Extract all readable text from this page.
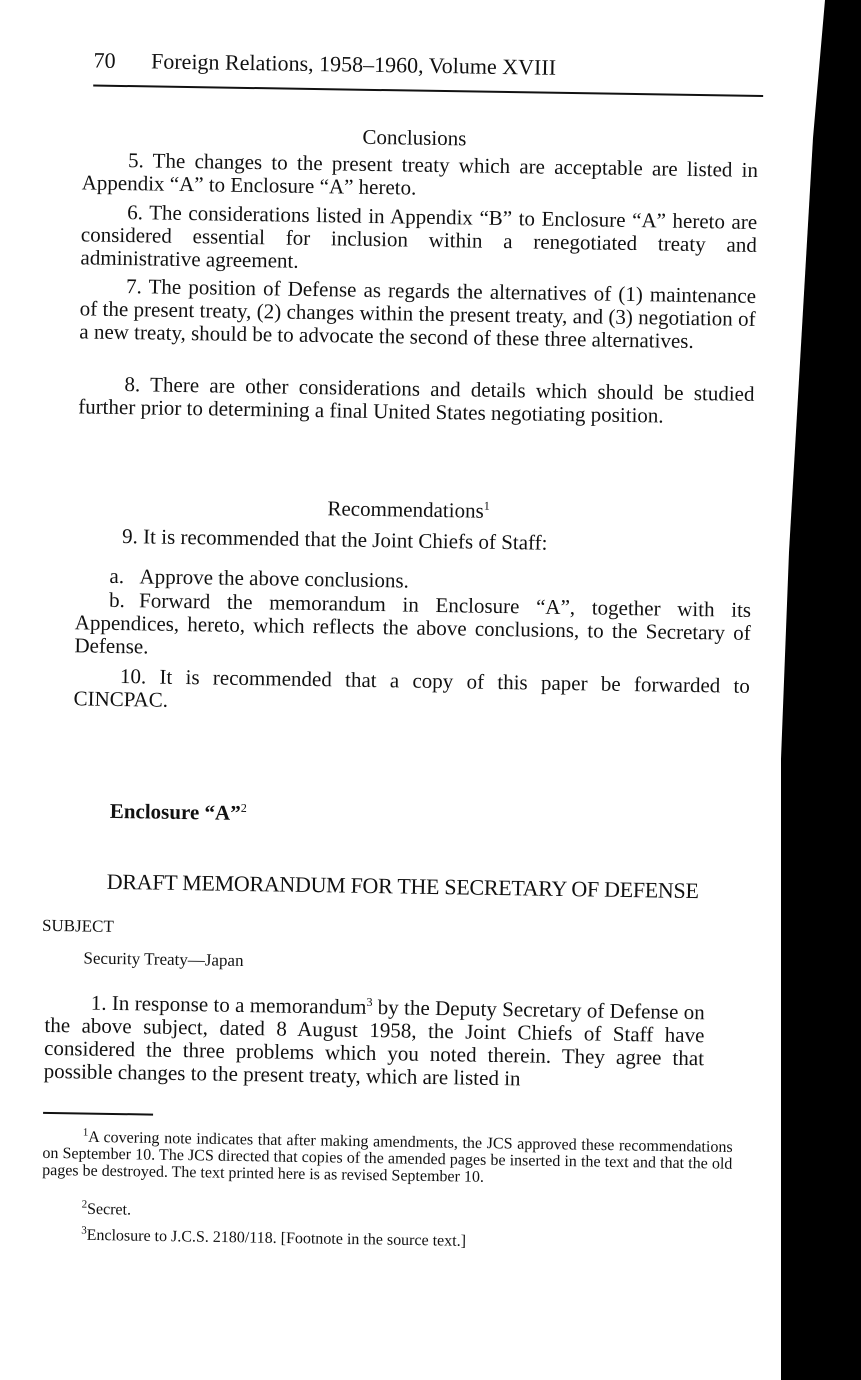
70 Foreign Relations, 1958–1960, Volume XVIII
Conclusions
5. The changes to the present treaty which are acceptable are listed in Appendix “A” to Enclosure “A” hereto.
6. The considerations listed in Appendix “B” to Enclosure “A” hereto are considered essential for inclusion within a renegotiated treaty and administrative agreement.
7. The position of Defense as regards the alternatives of (1) maintenance of the present treaty, (2) changes within the present treaty, and (3) negotiation of a new treaty, should be to advocate the second of these three alternatives.
8. There are other considerations and details which should be studied further prior to determining a final United States negotiating position.
Recommendations$^1$
9. It is recommended that the Joint Chiefs of Staff:
a. Approve the above conclusions.
b. Forward the memorandum in Enclosure “A”, together with its Appendices, hereto, which reflects the above conclusions, to the Secretary of Defense.
10. It is recommended that a copy of this paper be forwarded to CINCPAC.
Enclosure “A”$^2$
DRAFT MEMORANDUM FOR THE SECRETARY OF DEFENSE
SUBJECT
Security Treaty—Japan
1. In response to a memorandum$^3$ by the Deputy Secretary of Defense on the above subject, dated 8 August 1958, the Joint Chiefs of Staff have considered the three problems which you noted therein. They agree that possible changes to the present treaty, which are listed in
$^1$A covering note indicates that after making amendments, the JCS approved these recommendations on September 10. The JCS directed that copies of the amended pages be inserted in the text and that the old pages be destroyed. The text printed here is as revised September 10.
$^2$Secret.
$^3$Enclosure to J.C.S. 2180/118. [Footnote in the source text.]
